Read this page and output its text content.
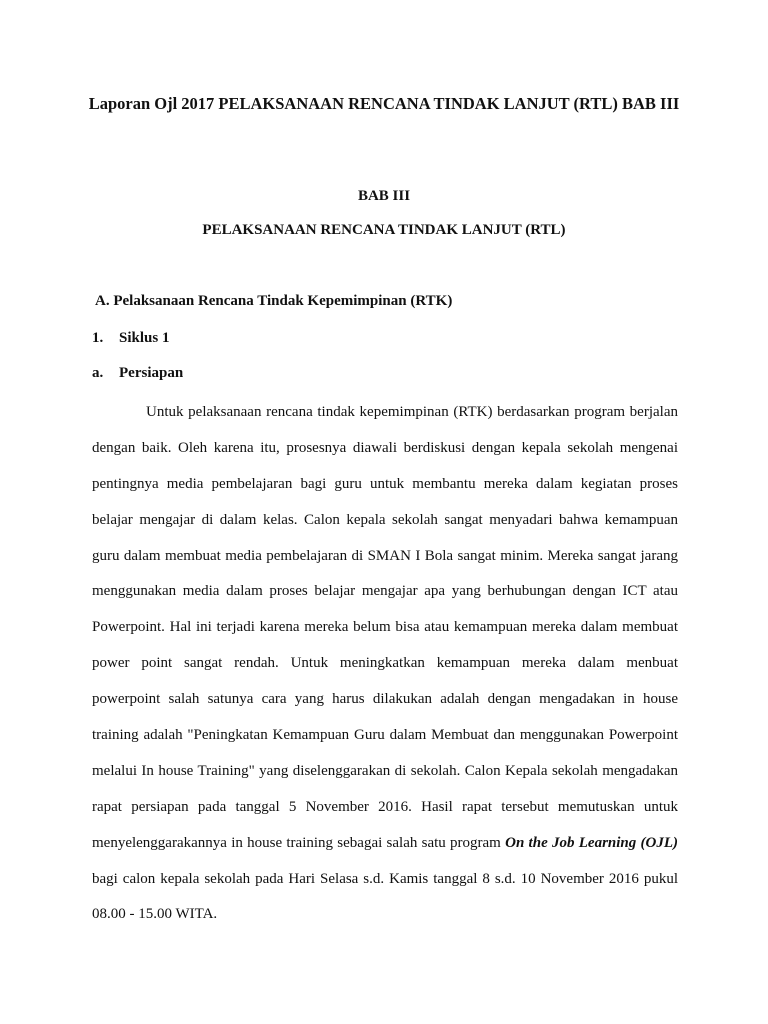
Laporan Ojl 2017 PELAKSANAAN RENCANA TINDAK LANJUT (RTL) BAB III
BAB III
PELAKSANAAN RENCANA TINDAK LANJUT (RTL)
A. Pelaksanaan Rencana Tindak Kepemimpinan (RTK)
1. Siklus 1
a. Persiapan
Untuk pelaksanaan rencana tindak kepemimpinan (RTK) berdasarkan program berjalan
dengan baik. Oleh karena itu, prosesnya diawali berdiskusi dengan kepala sekolah mengenai
pentingnya media pembelajaran bagi guru untuk membantu mereka dalam kegiatan proses
belajar mengajar di dalam kelas. Calon kepala sekolah sangat menyadari bahwa kemampuan
guru dalam membuat media pembelajaran di SMAN I Bola sangat minim. Mereka sangat jarang
menggunakan media dalam proses belajar mengajar apa yang berhubungan dengan ICT atau
Powerpoint. Hal ini terjadi karena mereka belum bisa atau kemampuan mereka dalam membuat
power point sangat rendah. Untuk meningkatkan kemampuan mereka dalam menbuat
powerpoint salah satunya cara yang harus dilakukan adalah dengan mengadakan in house
training adalah "Peningkatan Kemampuan Guru dalam Membuat dan menggunakan Powerpoint
melalui In house Training" yang diselenggarakan di sekolah. Calon Kepala sekolah mengadakan
rapat persiapan pada tanggal 5 November 2016. Hasil rapat tersebut memutuskan untuk
menyelenggarakannya in house training sebagai salah satu program On the Job Learning (OJL)
bagi calon kepala sekolah pada Hari Selasa s.d. Kamis tanggal 8 s.d. 10 November 2016 pukul
08.00 - 15.00 WITA.
